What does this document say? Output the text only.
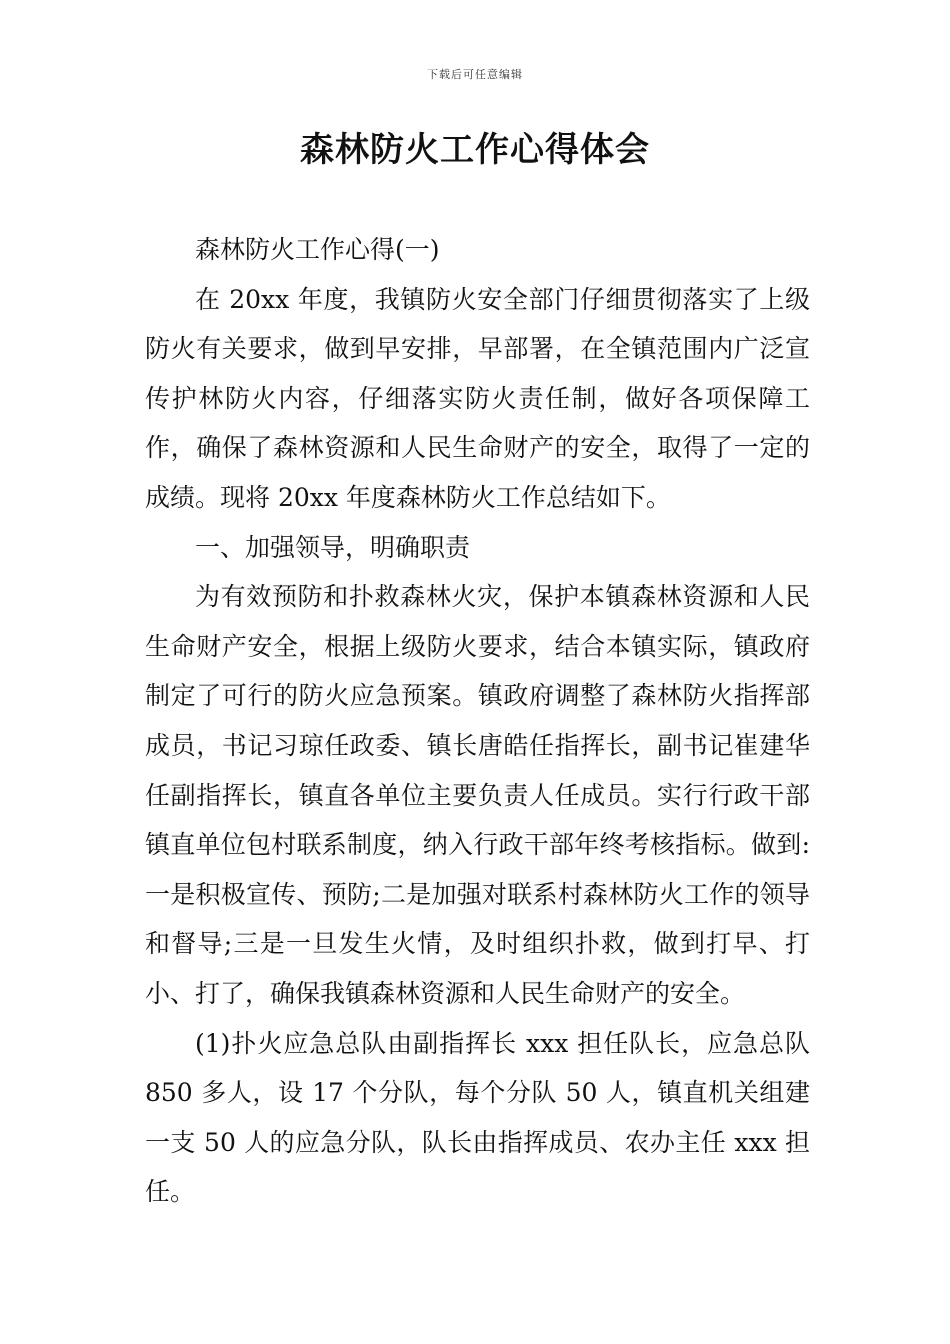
下载后可任意编辑
森林防火工作心得体会

森林防火工作心得(一)

在 20xx 年度，我镇防火安全部门仔细贯彻落实了上级防火有关要求，做到早安排，早部署，在全镇范围内广泛宣传护林防火内容，仔细落实防火责任制，做好各项保障工作，确保了森林资源和人民生命财产的安全，取得了一定的成绩。现将 20xx 年度森林防火工作总结如下。

一、加强领导，明确职责

为有效预防和扑救森林火灾，保护本镇森林资源和人民生命财产安全，根据上级防火要求，结合本镇实际，镇政府制定了可行的防火应急预案。镇政府调整了森林防火指挥部成员，书记习琼任政委、镇长唐皓任指挥长，副书记崔建华任副指挥长，镇直各单位主要负责人任成员。实行行政干部镇直单位包村联系制度，纳入行政干部年终考核指标。做到:一是积极宣传、预防;二是加强对联系村森林防火工作的领导和督导;三是一旦发生火情，及时组织扑救，做到打早、打小、打了，确保我镇森林资源和人民生命财产的安全。

(1)扑火应急总队由副指挥长 xxx 担任队长，应急总队 850 多人，设 17 个分队，每个分队 50 人，镇直机关组建一支 50 人的应急分队，队长由指挥成员、农办主任 xxx 担任。
